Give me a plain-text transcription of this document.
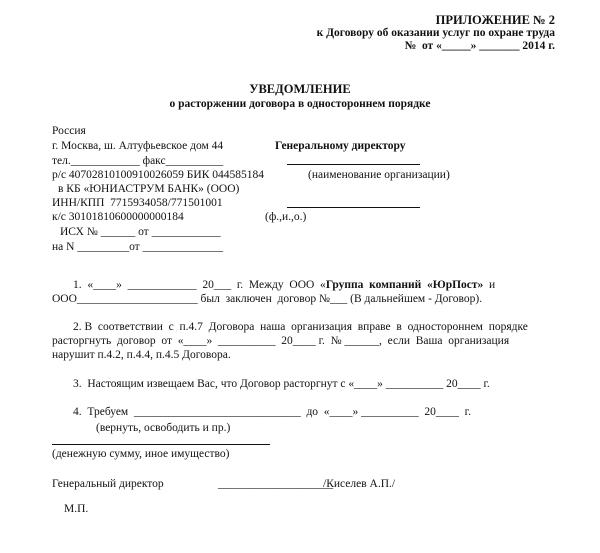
ПРИЛОЖЕНИЕ № 2
к Договору об оказании услуг по охране труда
№  от «_____» _______ 2014 г.
УВЕДОМЛЕНИЕ
о расторжении договора в одностороннем порядке
Россия
г. Москва, ш. Алтуфьевское дом 44
тел.____________ факс__________
р/с 40702810100910026059 БИК 044585184
в КБ «ЮНИАСТРУМ БАНК» (ООО)
ИНН/КПП  7715934058/771501001
к/с 30101810600000000184
ИСХ № ______ от ____________
на N _________от ______________
Генеральному директору
(наименование организации)
(ф.,и.,о.)
1.  «____»  ____________  20___  г.  Между  ООО  «Группа  компаний  «ЮрПост»  и
ООО_____________________ был  заключен  договор №___ (В дальнейшем - Договор).
2. В  соответствии  с  п.4.7  Договора  наша  организация  вправе  в  одностороннем  порядке
расторгнуть  договор  от  «____»  __________  20____ г.  № ______,  если  Ваша  организация
нарушит п.4.2, п.4.4, п.4.5 Договора.
3.  Настоящим извещаем Вас, что Договор расторгнут с «____» __________ 20____ г.
4.  Требуем  _____________________________  до  «____» __________  20____  г.
(вернуть, освободить и пр.)
(денежную сумму, иное имущество)
Генеральный директор	____________________
/Киселев А.П./
М.П.
